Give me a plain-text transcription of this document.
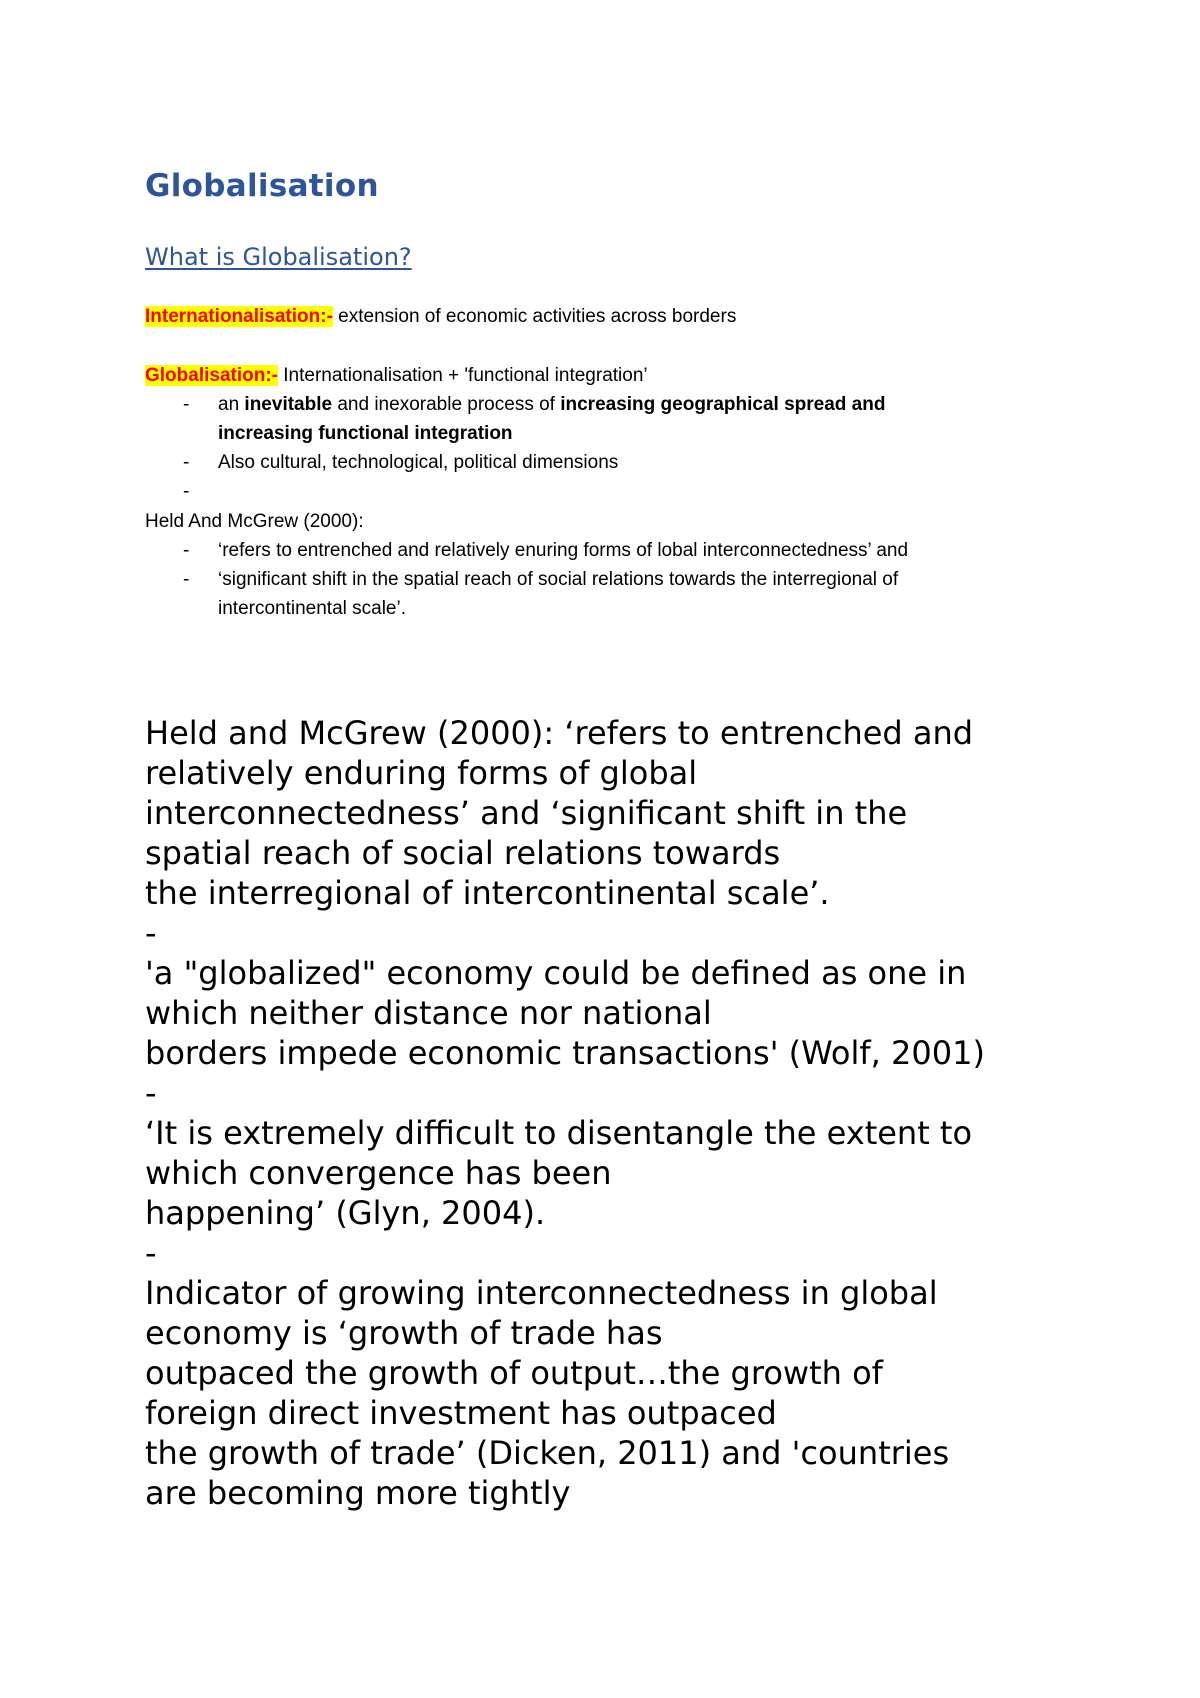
Globalisation
What is Globalisation?
Internationalisation:- extension of economic activities across borders
Globalisation:- Internationalisation + 'functional integration’
- an inevitable and inexorable process of increasing geographical spread and
increasing functional integration
- Also cultural, technological, political dimensions
-

Held And McGrew (2000):
- ‘refers to entrenched and relatively enuring forms of lobal interconnectedness’ and
- ‘significant shift in the spatial reach of social relations towards the interregional of
intercontinental scale’.

Held and McGrew (2000): ‘refers to entrenched and

relatively enduring forms of global

interconnectedness’ and ‘significant shift in the

spatial reach of social relations towards

the interregional of intercontinental scale’.

-

'a "globalized" economy could be defined as one in

which neither distance nor national

borders impede economic transactions' (Wolf, 2001)

-

‘It is extremely difficult to disentangle the extent to

which convergence has been

happening’ (Glyn, 2004).

-

Indicator of growing interconnectedness in global

economy is ‘growth of trade has

outpaced the growth of output…the growth of

foreign direct investment has outpaced

the growth of trade’ (Dicken, 2011) and 'countries

are becoming more tightly
